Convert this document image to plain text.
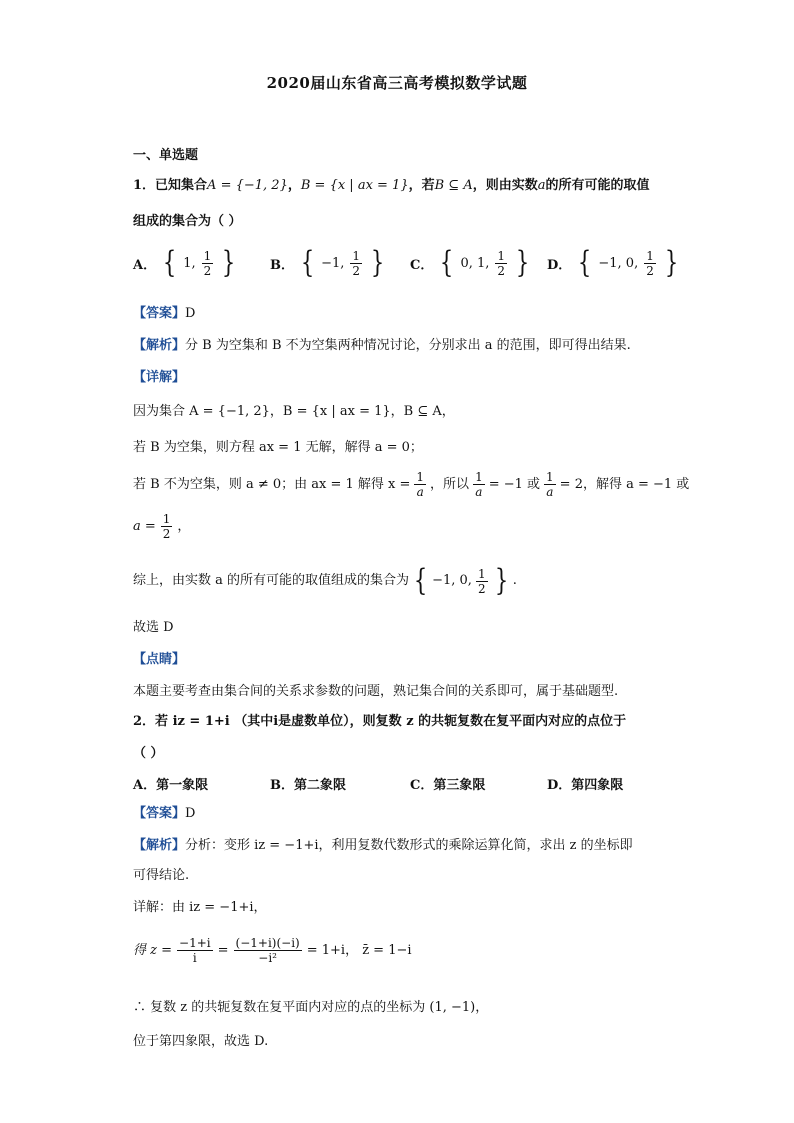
2020届山东省高三高考模拟数学试题
一、单选题
1．已知集合A = {−1, 2}，B = {x | ax = 1}，若B ⊆ A，则由实数a的所有可能的取值
组成的集合为（ ）
A． { 1, $\frac{1}{2}$ }	B． { −1, $\frac{1}{2}$ } C． { 0, 1, $\frac{1}{2}$ } D． { −1, 0, $\frac{1}{2}$ }
【答案】D
【解析】分 B 为空集和 B 不为空集两种情况讨论，分别求出 a 的范围，即可得出结果.
【详解】
因为集合 A = {−1, 2}，B = {x | ax = 1}，B ⊆ A，
若 B 为空集，则方程 ax = 1 无解，解得 a = 0；
若 B 不为空集，则 a ≠ 0；由 ax = 1 解得 $x = \frac{1}{a}$ ，所以 $\frac{1}{a} = -1$ 或 $\frac{1}{a} = 2$，解得 a = −1 或
$a = \frac{1}{2}$ ，
综上，由实数 a 的所有可能的取值组成的集合为 { −1, 0, $\frac{1}{2}$ } .
故选 D
【点睛】
本题主要考查由集合间的关系求参数的问题，熟记集合间的关系即可，属于基础题型.
2．若 iz = 1+i （其中i是虚数单位），则复数 z 的共轭复数在复平面内对应的点位于
（ ）
A．第一象限	B．第二象限	C．第三象限	D．第四象限
【答案】D
【解析】分析：变形 iz = −1+i，利用复数代数形式的乘除运算化简，求出 z 的坐标即
可得结论.
详解：由 iz = −1+i，
得 $z = \frac{-1+i}{i} = \frac{(-1+i)(-i)}{\text{−i²}} = 1+i$， z̄ = 1−i
∴ 复数 z 的共轭复数在复平面内对应的点的坐标为 (1, −1)，
位于第四象限，故选 D.
